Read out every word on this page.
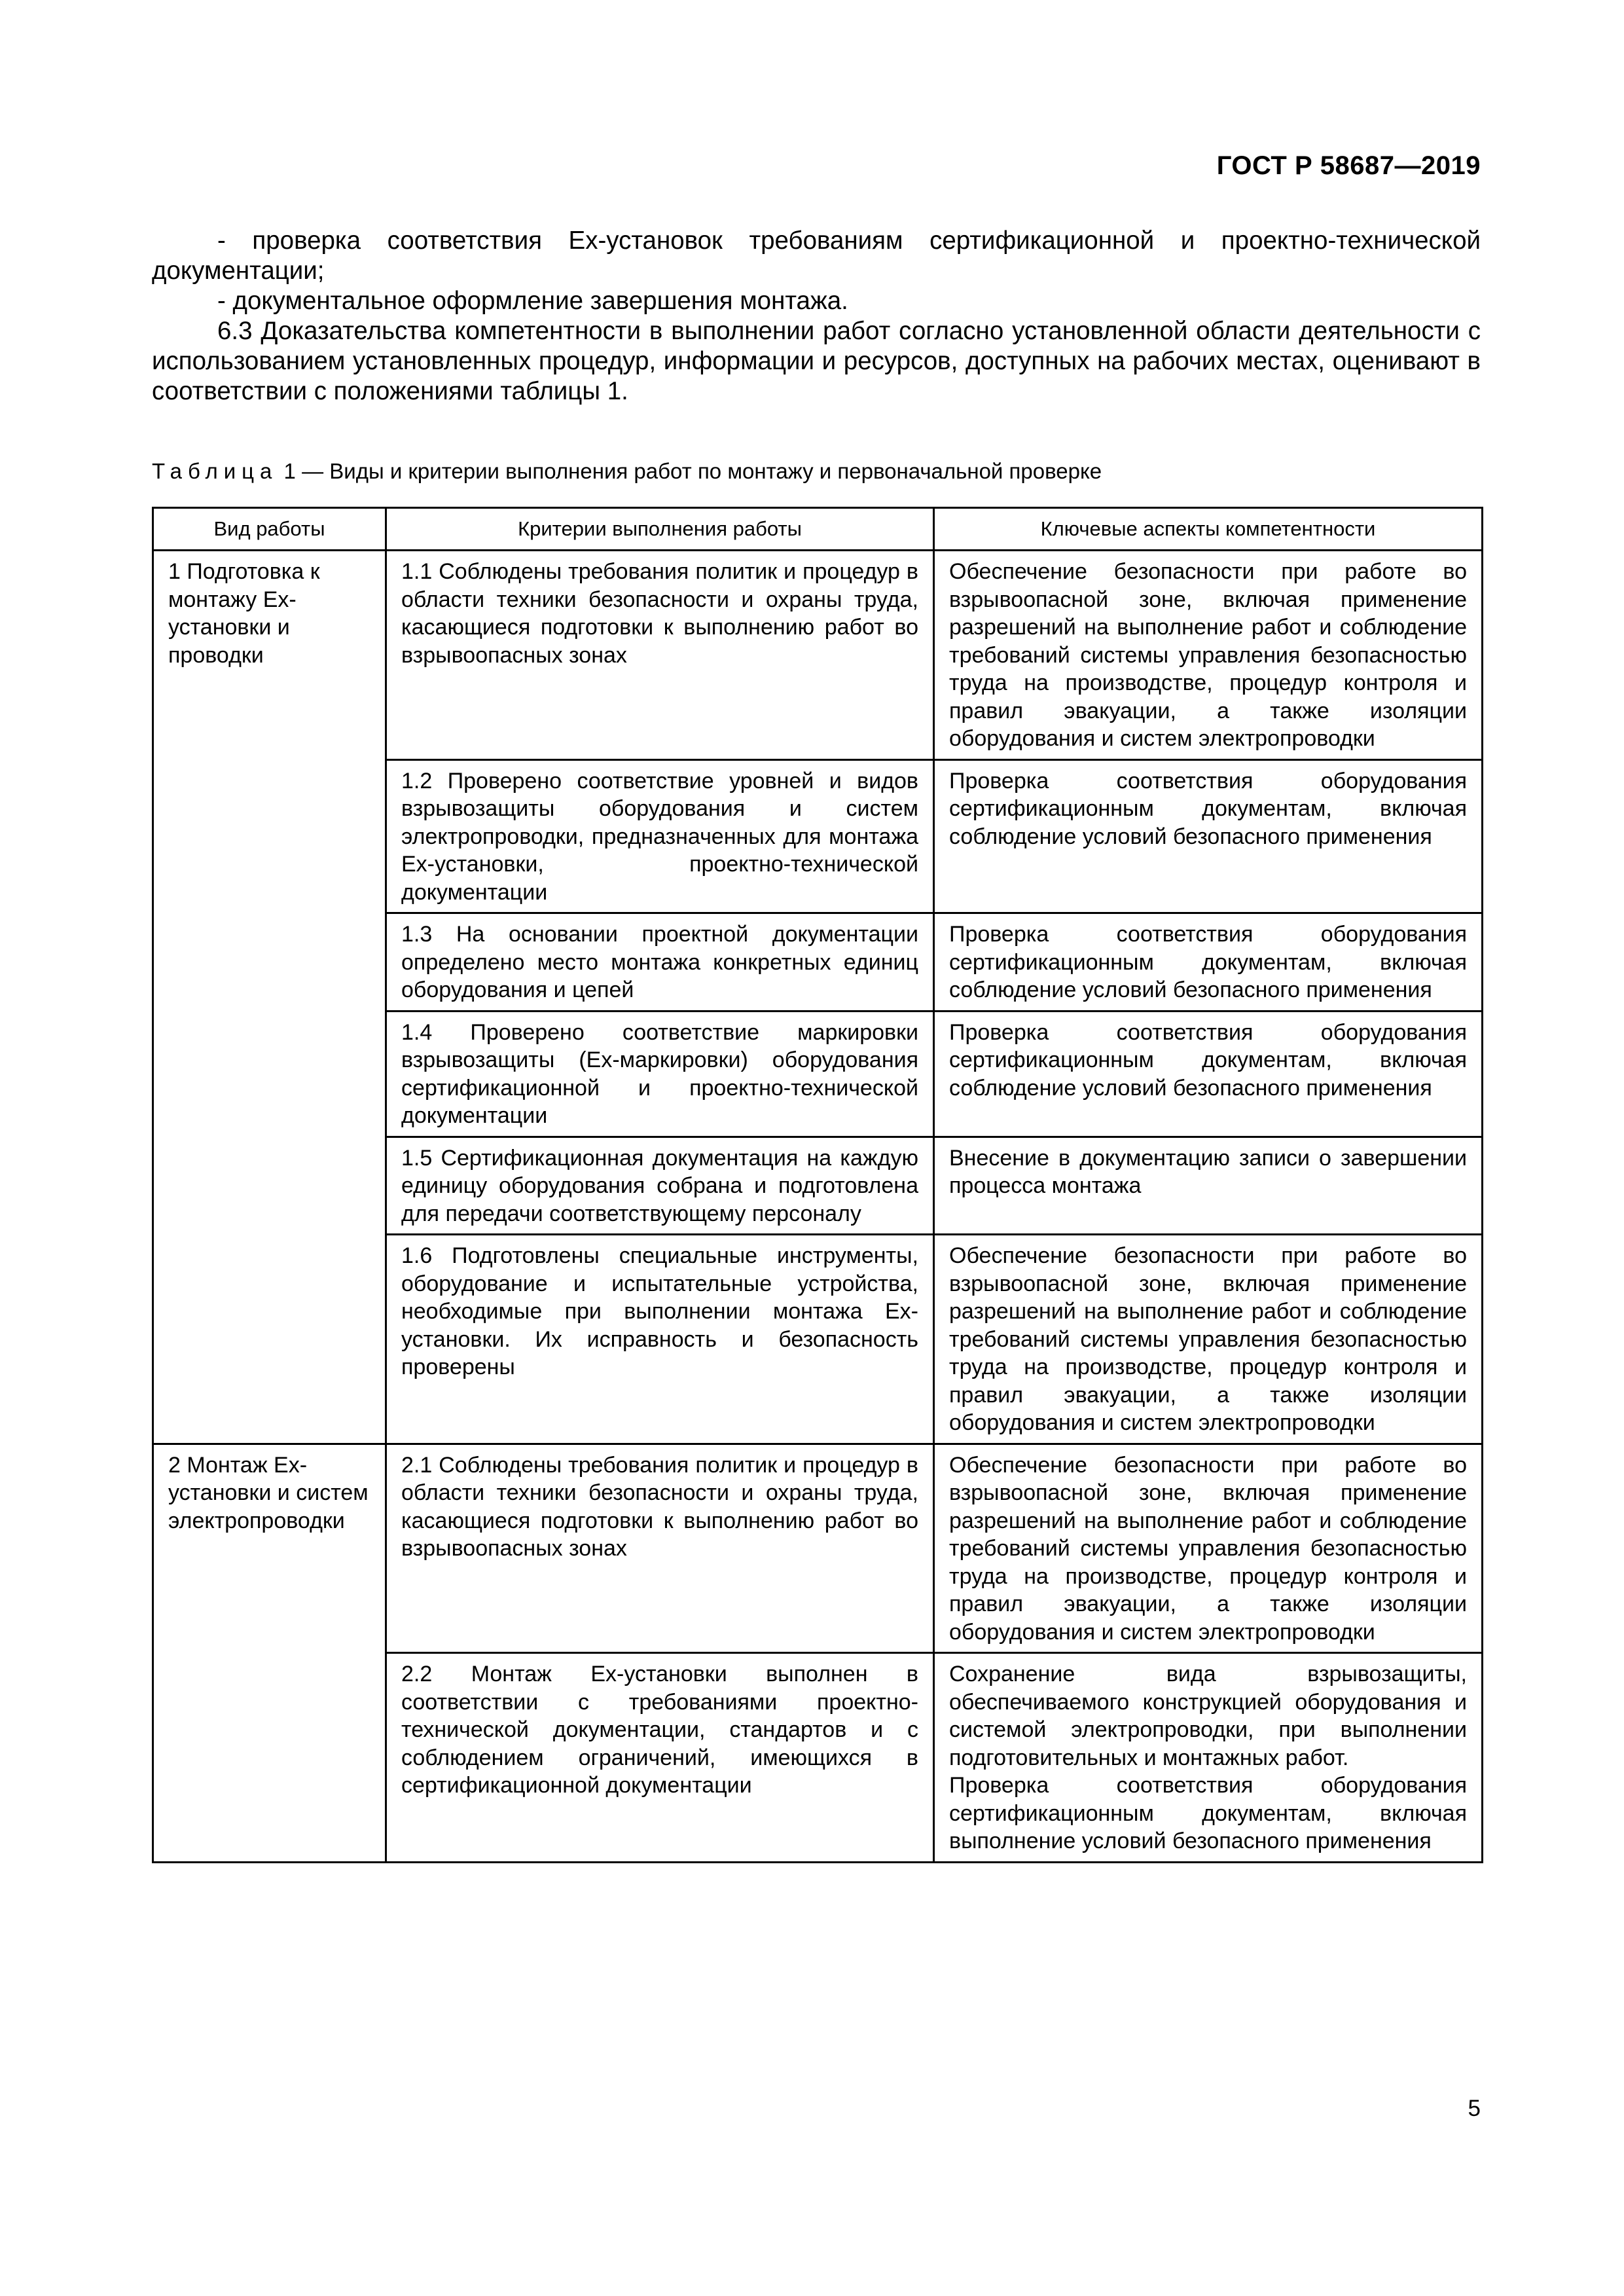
ГОСТ Р 58687—2019

- проверка соответствия Ех-установок требованиям сертификационной и проектно-технической документации;

- документальное оформление завершения монтажа.

6.3 Доказательства компетентности в выполнении работ согласно установленной области деятельности с использованием установленных процедур, информации и ресурсов, доступных на рабочих местах, оценивают в соответствии с положениями таблицы 1.

Таблица 1 — Виды и критерии выполнения работ по монтажу и первоначальной проверке
Вид работы	Критерии выполнения работы	Ключевые аспекты компетентности
1 Подготовка к монтажу Ех-установки и проводки	1.1 Соблюдены требования политик и процедур в области техники безопасности и охраны труда, касающиеся подготовки к выполнению работ во взрывоопасных зонах	Обеспечение безопасности при работе во взрывоопасной зоне, включая применение разрешений на выполнение работ и соблюдение требований системы управления безопасностью труда на производстве, процедур контроля и правил эвакуации, а также изоляции оборудования и систем электропроводки
	1.2 Проверено соответствие уровней и видов взрывозащиты оборудования и систем электропроводки, предназначенных для монтажа Ех-установки, проектно-технической документации	Проверка соответствия оборудования сертификационным документам, включая соблюдение условий безопасного применения
	1.3 На основании проектной документации определено место монтажа конкретных единиц оборудования и цепей	Проверка соответствия оборудования сертификационным документам, включая соблюдение условий безопасного применения
	1.4 Проверено соответствие маркировки взрывозащиты (Ех-маркировки) оборудования сертификационной и проектно-технической документации	Проверка соответствия оборудования сертификационным документам, включая соблюдение условий безопасного применения
	1.5 Сертификационная документация на каждую единицу оборудования собрана и подготовлена для передачи соответствующему персоналу	Внесение в документацию записи о завершении процесса монтажа
	1.6 Подготовлены специальные инструменты, оборудование и испытательные устройства, необходимые при выполнении монтажа Ех-установки. Их исправность и безопасность проверены	Обеспечение безопасности при работе во взрывоопасной зоне, включая применение разрешений на выполнение работ и соблюдение требований системы управления безопасностью труда на производстве, процедур контроля и правил эвакуации, а также изоляции оборудования и систем электропроводки
2 Монтаж Ех-установки и систем электропроводки	2.1 Соблюдены требования политик и процедур в области техники безопасности и охраны труда, касающиеся подготовки к выполнению работ во взрывоопасных зонах	Обеспечение безопасности при работе во взрывоопасной зоне, включая применение разрешений на выполнение работ и соблюдение требований системы управления безопасностью труда на производстве, процедур контроля и правил эвакуации, а также изоляции оборудования и систем электропроводки
	2.2 Монтаж Ех-установки выполнен в соответствии с требованиями проектно-технической документации, стандартов и с соблюдением ограничений, имеющихся в сертификационной документации	Сохранение вида взрывозащиты, обеспечиваемого конструкцией оборудования и системой электропроводки, при выполнении подготовительных и монтажных работ.
Проверка соответствия оборудования сертификационным документам, включая выполнение условий безопасного применения
5
